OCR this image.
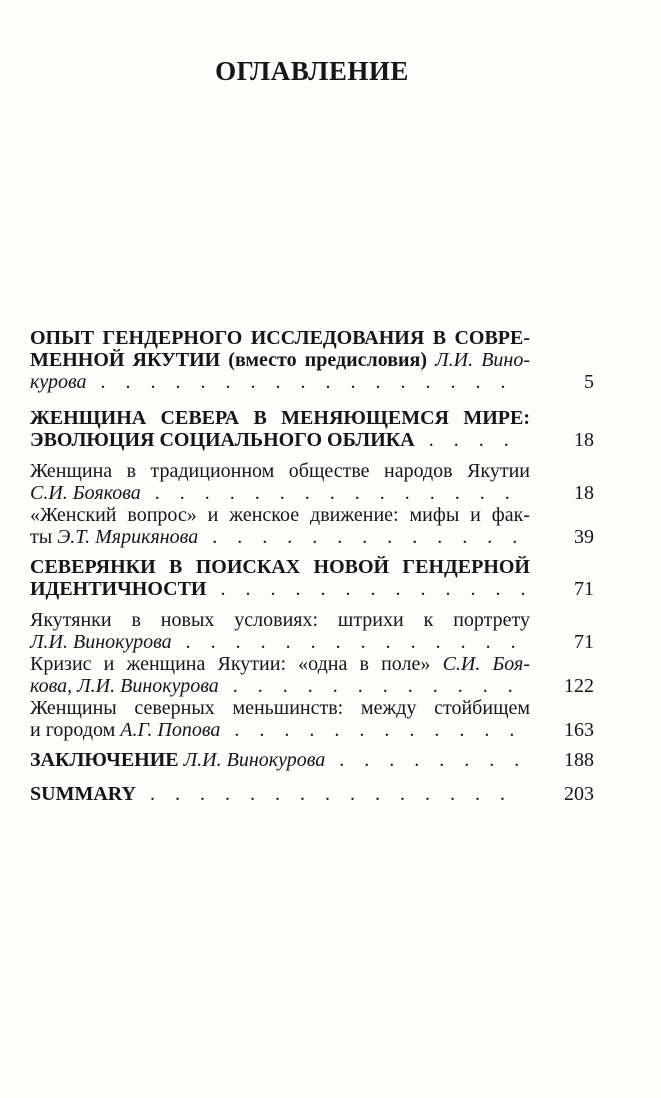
ОГЛАВЛЕНИЕ
ОПЫТ ГЕНДЕРНОГО ИССЛЕДОВАНИЯ В СОВРЕ-
МЕННОЙ ЯКУТИИ (вместо предисловия) Л.И. Вино-
курова . . .	5
ЖЕНЩИНА СЕВЕРА В МЕНЯЮЩЕМСЯ МИРЕ:
ЭВОЛЮЦИЯ СОЦИАЛЬНОГО ОБЛИКА . . .	18
Женщина в традиционном обществе народов Якутии
С.И. Боякова . . .	18
«Женский вопрос» и женское движение: мифы и фак-
ты Э.Т. Мярикянова . . .	39
СЕВЕРЯНКИ В ПОИСКАХ НОВОЙ ГЕНДЕРНОЙ
ИДЕНТИЧНОСТИ . . .	71
Якутянки в новых условиях: штрихи к портрету
Л.И. Винокурова . . .	71
Кризис и женщина Якутии: «одна в поле» С.И. Боя-
кова, Л.И. Винокурова . . .	122
Женщины северных меньшинств: между стойбищем
и городом А.Г. Попова . . .	163
ЗАКЛЮЧЕНИЕ Л.И. Винокурова . . .	188
SUMMARY . . .	203
